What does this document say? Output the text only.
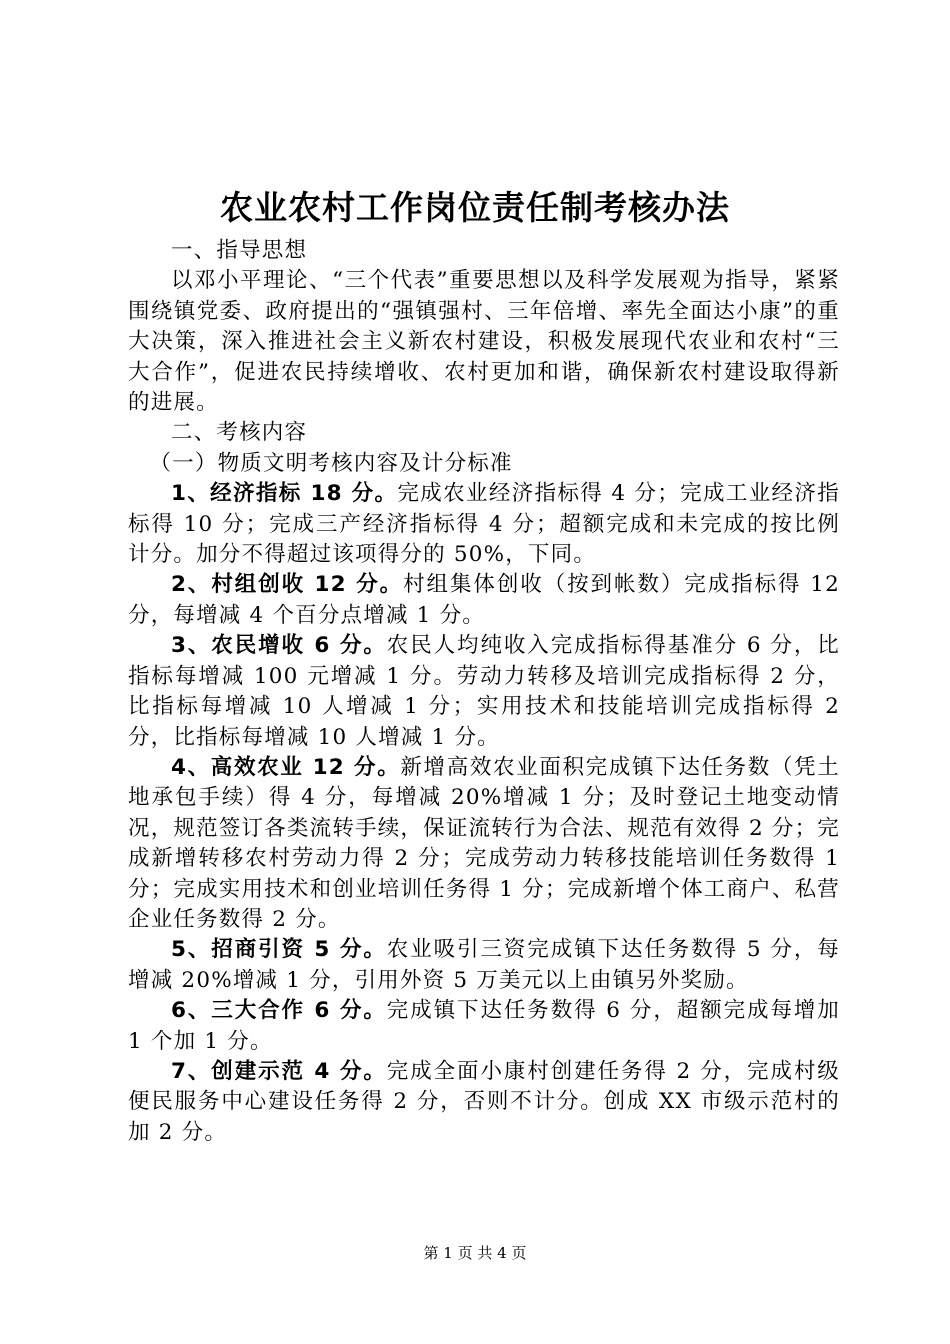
农业农村工作岗位责任制考核办法

一、指导思想

以邓小平理论、“三个代表”重要思想以及科学发展观为指导，紧紧围绕镇党委、政府提出的“强镇强村、三年倍增、率先全面达小康”的重大决策，深入推进社会主义新农村建设，积极发展现代农业和农村“三大合作”，促进农民持续增收、农村更加和谐，确保新农村建设取得新的进展。

二、考核内容

（一）物质文明考核内容及计分标准

1、经济指标 18 分。完成农业经济指标得 4 分；完成工业经济指标得 10 分；完成三产经济指标得 4 分；超额完成和未完成的按比例计分。加分不得超过该项得分的 50%，下同。

2、村组创收 12 分。村组集体创收（按到帐数）完成指标得 12 分，每增减 4 个百分点增减 1 分。

3、农民增收 6 分。农民人均纯收入完成指标得基准分 6 分，比指标每增减 100 元增减 1 分。劳动力转移及培训完成指标得 2 分，比指标每增减 10 人增减 1 分；实用技术和技能培训完成指标得 2 分，比指标每增减 10 人增减 1 分。

4、高效农业 12 分。新增高效农业面积完成镇下达任务数（凭土地承包手续）得 4 分，每增减 20%增减 1 分；及时登记土地变动情况，规范签订各类流转手续，保证流转行为合法、规范有效得 2 分；完成新增转移农村劳动力得 2 分；完成劳动力转移技能培训任务数得 1 分；完成实用技术和创业培训任务得 1 分；完成新增个体工商户、私营企业任务数得 2 分。

5、招商引资 5 分。农业吸引三资完成镇下达任务数得 5 分，每增减 20%增减 1 分，引用外资 5 万美元以上由镇另外奖励。

6、三大合作 6 分。完成镇下达任务数得 6 分，超额完成每增加 1 个加 1 分。

7、创建示范 4 分。完成全面小康村创建任务得 2 分，完成村级便民服务中心建设任务得 2 分，否则不计分。创成 XX 市级示范村的加 2 分。

第 1 页 共 4 页
